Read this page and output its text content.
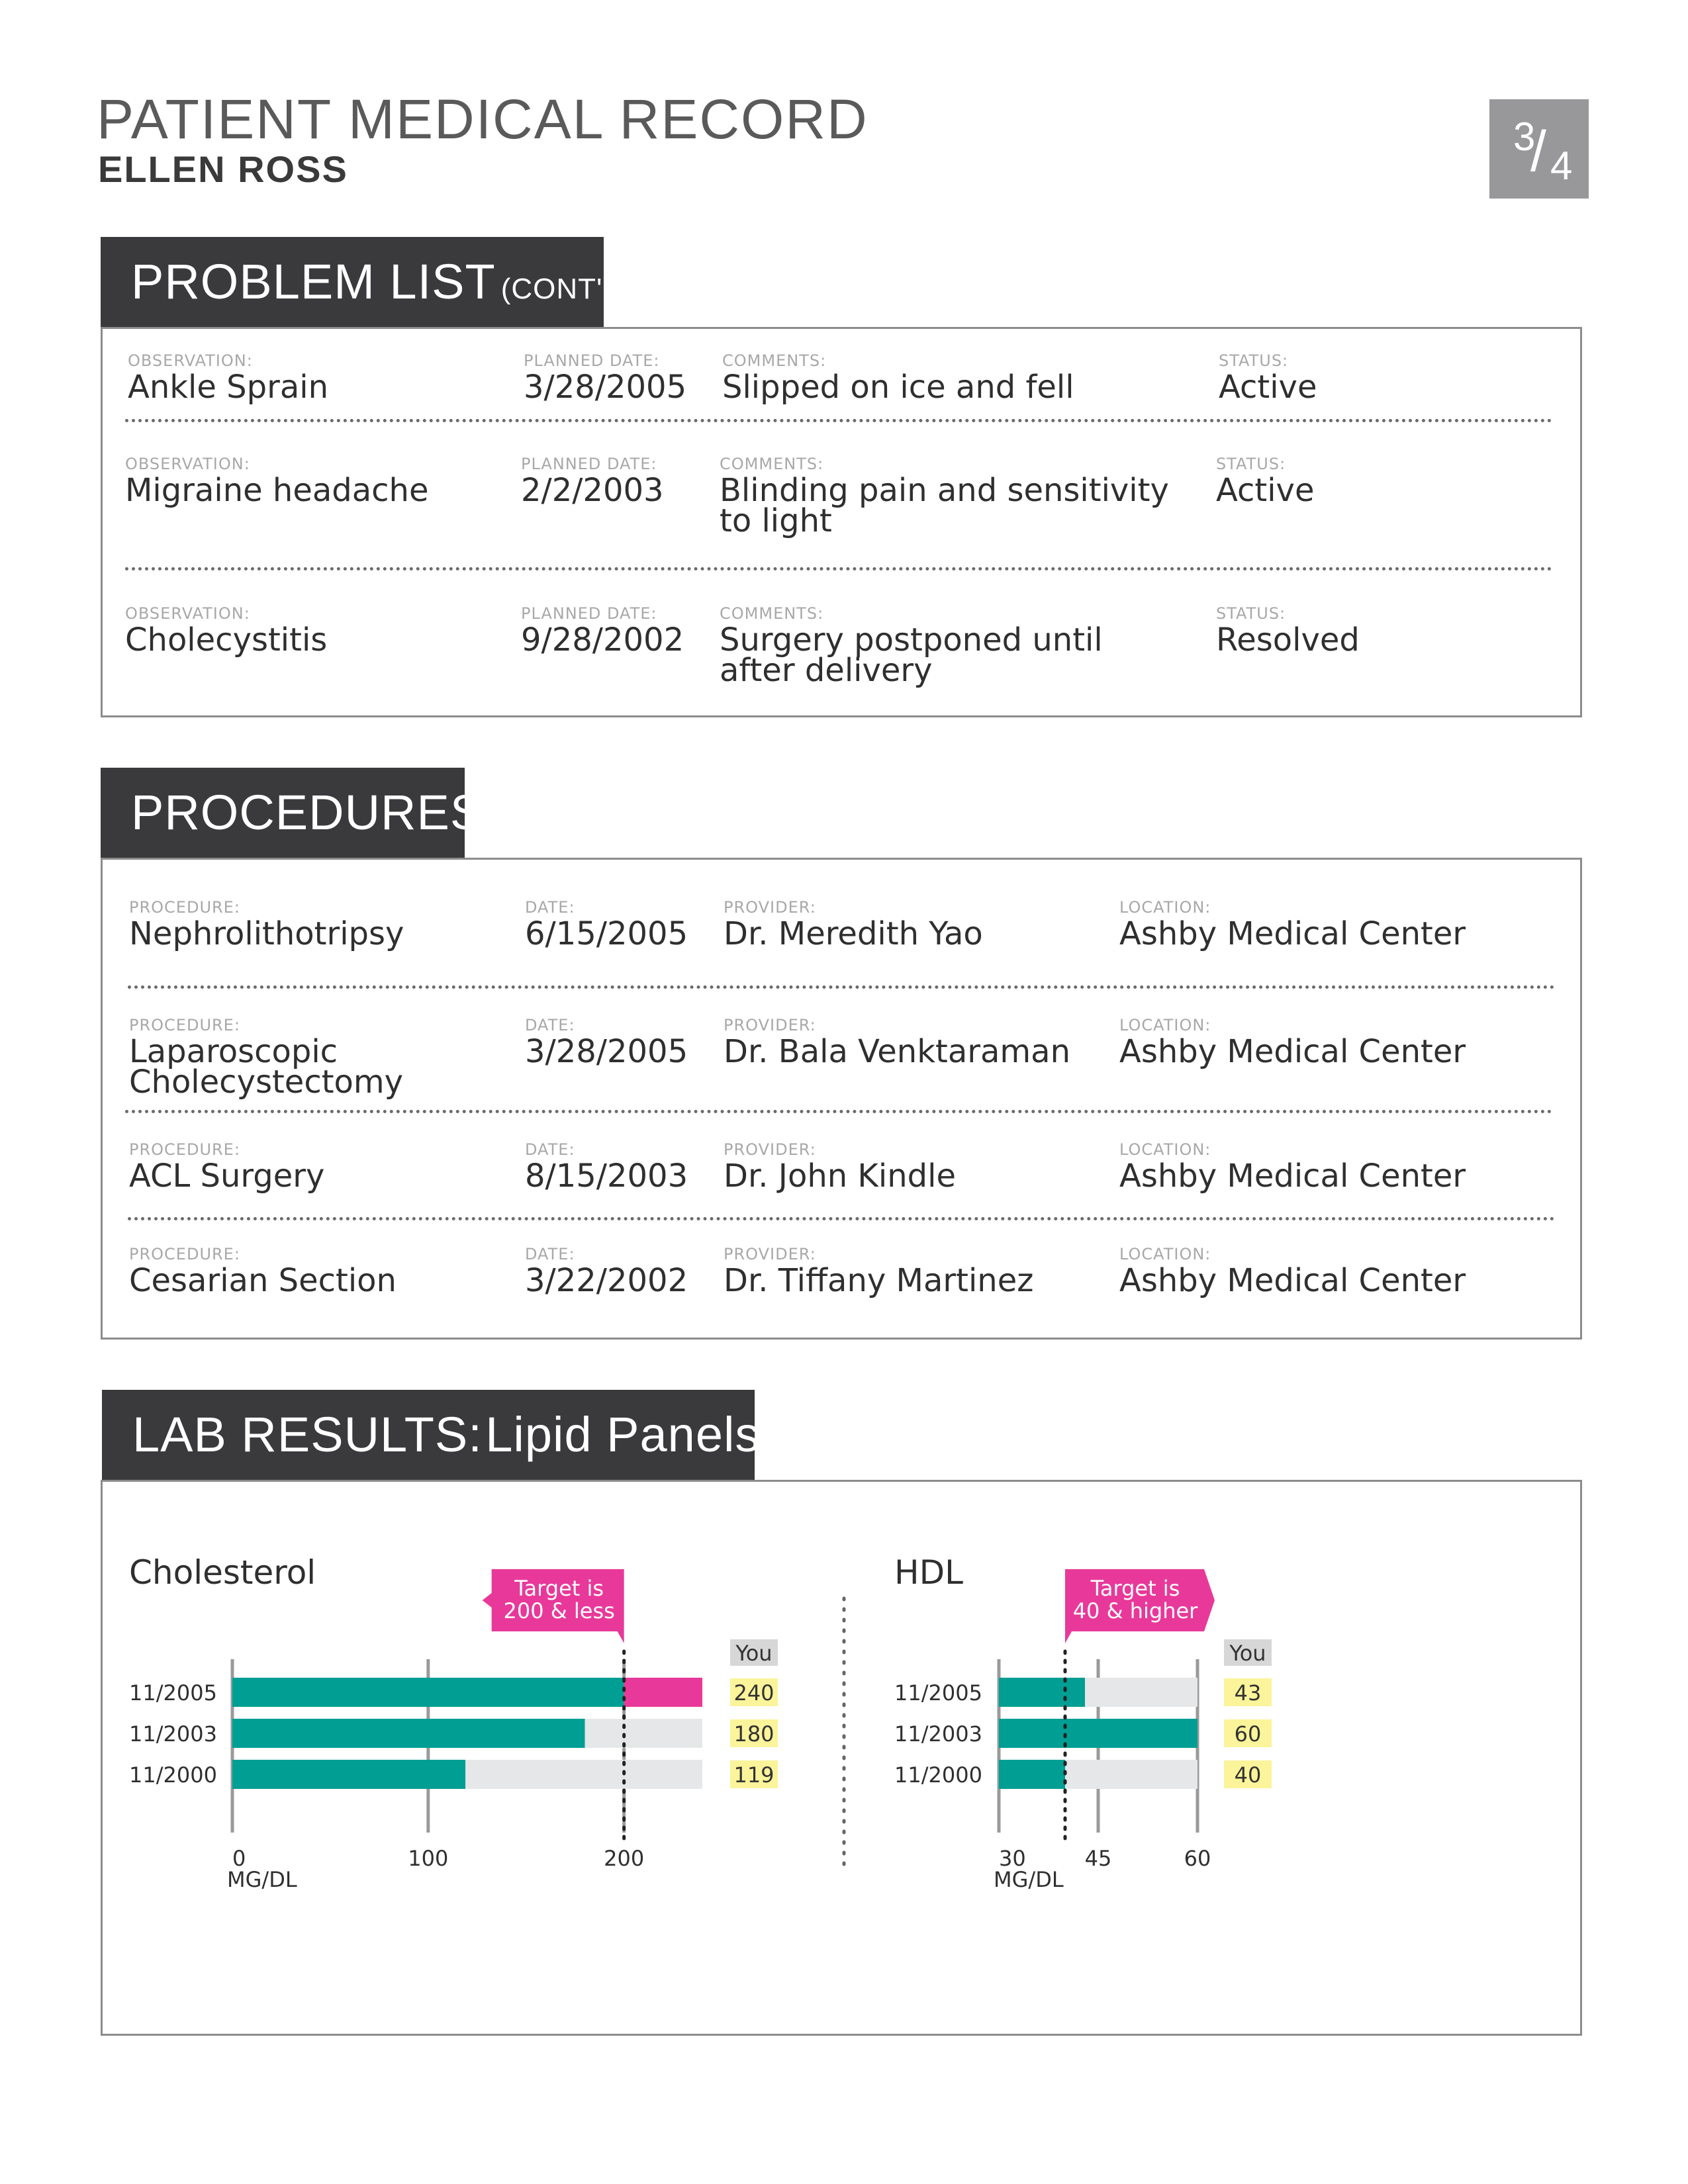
PATIENT MEDICAL RECORD
ELLEN ROSS
3
/ 4
PROBLEM LIST (CONT'D)
OBSERVATION:
Ankle Sprain
PLANNED DATE:
3/28/2005
COMMENTS:
Slipped on ice and fell
STATUS:
Active
OBSERVATION:
Migraine headache
PLANNED DATE:
2/2/2003
COMMENTS:
Blinding pain and sensitivity
to light
STATUS:
Active
OBSERVATION:
Cholecystitis
PLANNED DATE:
9/28/2002
COMMENTS:
Surgery postponed until
after delivery
STATUS:
Resolved
PROCEDURES
PROCEDURE:
Nephrolithotripsy
DATE:
6/15/2005
PROVIDER:
Dr. Meredith Yao
LOCATION:
Ashby Medical Center
PROCEDURE:
Laparoscopic
Cholecystectomy
DATE:
3/28/2005
PROVIDER:
Dr. Bala Venktaraman
LOCATION:
Ashby Medical Center
PROCEDURE:
ACL Surgery
DATE:
8/15/2003
PROVIDER:
Dr. John Kindle
LOCATION:
Ashby Medical Center
PROCEDURE:
Cesarian Section
DATE:
3/22/2002
PROVIDER:
Dr. Tiffany Martinez
LOCATION:
Ashby Medical Center
LAB RESULTS: Lipid Panels
Cholesterol
0	100	200
MG/DL
11/2005	240
11/2003	180
11/2000	119
You
Target is
200 & less
HDL
30	45	60
MG/DL
11/2005	43
11/2003	60
11/2000	40
You
Target is
40 & higher
